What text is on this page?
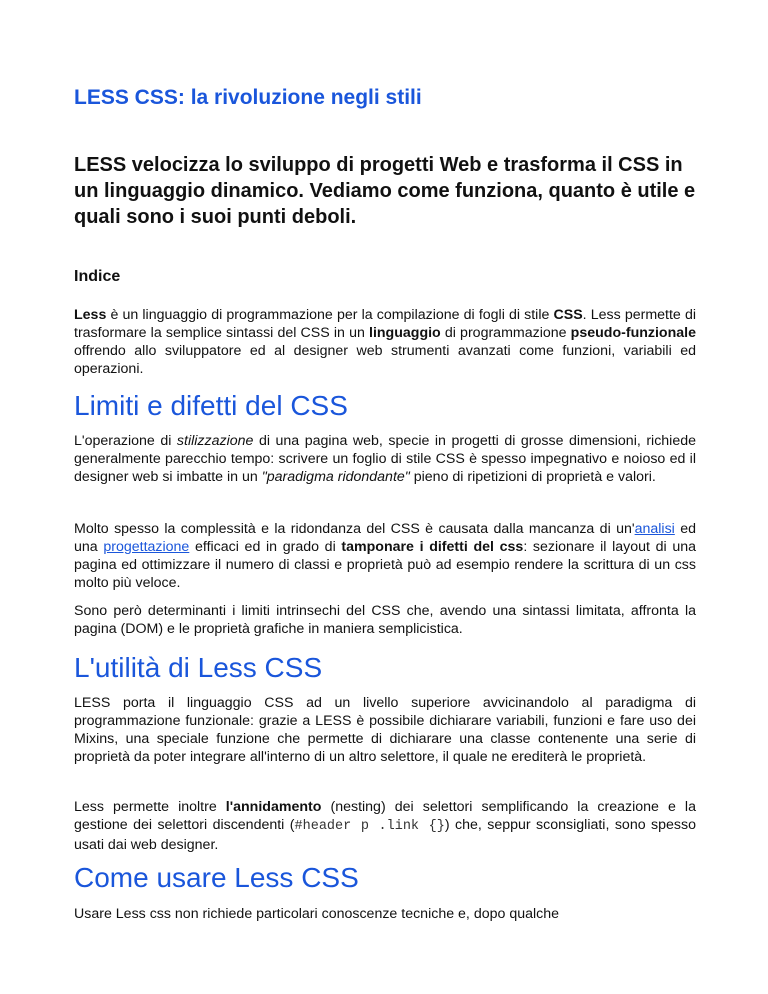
LESS CSS: la rivoluzione negli stili

LESS velocizza lo sviluppo di progetti Web e trasforma il CSS in un linguaggio dinamico. Vediamo come funziona, quanto è utile e quali sono i suoi punti deboli.

Indice

Less è un linguaggio di programmazione per la compilazione di fogli di stile CSS. Less permette di trasformare la semplice sintassi del CSS in un linguaggio di programmazione pseudo-funzionale offrendo allo sviluppatore ed al designer web strumenti avanzati come funzioni, variabili ed operazioni.

Limiti e difetti del CSS

L'operazione di stilizzazione di una pagina web, specie in progetti di grosse dimensioni, richiede generalmente parecchio tempo: scrivere un foglio di stile CSS è spesso impegnativo e noioso ed il designer web si imbatte in un "paradigma ridondante" pieno di ripetizioni di proprietà e valori.

Molto spesso la complessità e la ridondanza del CSS è causata dalla mancanza di un'analisi ed una progettazione efficaci ed in grado di tamponare i difetti del css: sezionare il layout di una pagina ed ottimizzare il numero di classi e proprietà può ad esempio rendere la scrittura di un css molto più veloce.

Sono però determinanti i limiti intrinsechi del CSS che, avendo una sintassi limitata, affronta la pagina (DOM) e le proprietà grafiche in maniera semplicistica.

L'utilità di Less CSS

LESS porta il linguaggio CSS ad un livello superiore avvicinandolo al paradigma di programmazione funzionale: grazie a LESS è possibile dichiarare variabili, funzioni e fare uso dei Mixins, una speciale funzione che permette di dichiarare una classe contenente una serie di proprietà da poter integrare all'interno di un altro selettore, il quale ne erediterà le proprietà.

Less permette inoltre l'annidamento (nesting) dei selettori semplificando la creazione e la gestione dei selettori discendenti (#header p .link {}) che, seppur sconsigliati, sono spesso usati dai web designer.

Come usare Less CSS

Usare Less css non richiede particolari conoscenze tecniche e, dopo qualche
